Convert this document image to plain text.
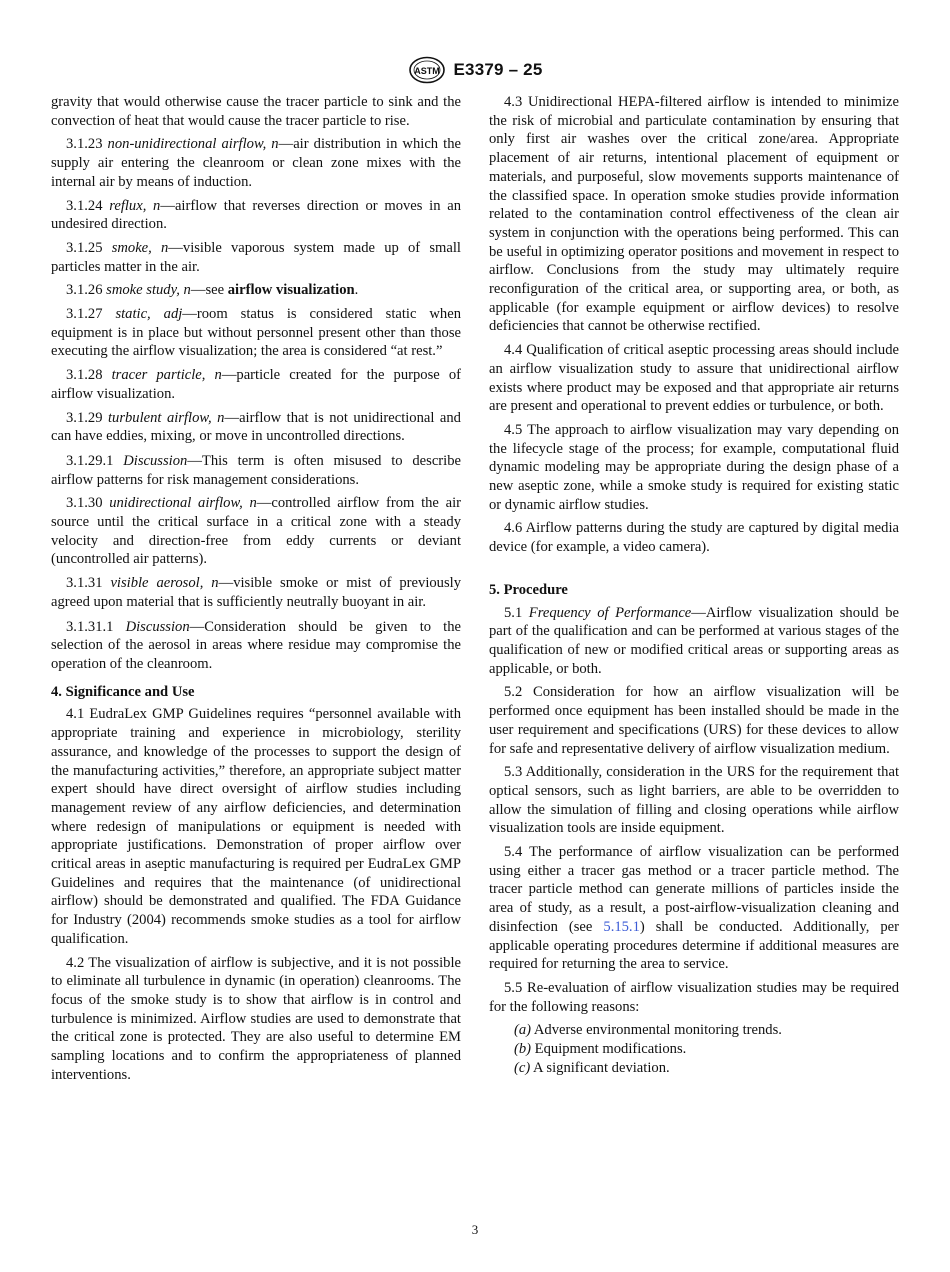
ASTM E3379 – 25

gravity that would otherwise cause the tracer particle to sink and the convection of heat that would cause the tracer particle to rise.

3.1.23 non-unidirectional airflow, n—air distribution in which the supply air entering the cleanroom or clean zone mixes with the internal air by means of induction.

3.1.24 reflux, n—airflow that reverses direction or moves in an undesired direction.

3.1.25 smoke, n—visible vaporous system made up of small particles matter in the air.

3.1.26 smoke study, n—see airflow visualization.

3.1.27 static, adj—room status is considered static when equipment is in place but without personnel present other than those executing the airflow visualization; the area is considered “at rest.”

3.1.28 tracer particle, n—particle created for the purpose of airflow visualization.

3.1.29 turbulent airflow, n—airflow that is not unidirectional and can have eddies, mixing, or move in uncontrolled directions.

3.1.29.1 Discussion—This term is often misused to describe airflow patterns for risk management considerations.

3.1.30 unidirectional airflow, n—controlled airflow from the air source until the critical surface in a critical zone with a steady velocity and direction-free from eddy currents or deviant (uncontrolled air patterns).

3.1.31 visible aerosol, n—visible smoke or mist of previously agreed upon material that is sufficiently neutrally buoyant in air.

3.1.31.1 Discussion—Consideration should be given to the selection of the aerosol in areas where residue may compromise the operation of the cleanroom.

4. Significance and Use

4.1 EudraLex GMP Guidelines requires “personnel available with appropriate training and experience in microbiology, sterility assurance, and knowledge of the processes to support the design of the manufacturing activities,” therefore, an appropriate subject matter expert should have direct oversight of airflow studies including management review of any airflow deficiencies, and determination where redesign of manipulations or equipment is needed with appropriate justifications. Demonstration of proper airflow over critical areas in aseptic manufacturing is required per EudraLex GMP Guidelines and requires that the maintenance (of unidirectional airflow) should be demonstrated and qualified. The FDA Guidance for Industry (2004) recommends smoke studies as a tool for airflow qualification.

4.2 The visualization of airflow is subjective, and it is not possible to eliminate all turbulence in dynamic (in operation) cleanrooms. The focus of the smoke study is to show that airflow is in control and turbulence is minimized. Airflow studies are used to demonstrate that the critical zone is protected. They are also useful to determine EM sampling locations and to confirm the appropriateness of planned interventions.

4.3 Unidirectional HEPA-filtered airflow is intended to minimize the risk of microbial and particulate contamination by ensuring that only first air washes over the critical zone/area. Appropriate placement of air returns, intentional placement of equipment or materials, and purposeful, slow movements supports maintenance of the classified space. In operation smoke studies provide information related to the contamination control effectiveness of the clean air system in conjunction with the operations being performed. This can be useful in optimizing operator positions and movement in respect to airflow. Conclusions from the study may ultimately require reconfiguration of the critical area, or supporting area, or both, as applicable (for example equipment or airflow devices) to resolve deficiencies that cannot be otherwise rectified.

4.4 Qualification of critical aseptic processing areas should include an airflow visualization study to assure that unidirectional airflow exists where product may be exposed and that appropriate air returns are present and operational to prevent eddies or turbulence, or both.

4.5 The approach to airflow visualization may vary depending on the lifecycle stage of the process; for example, computational fluid dynamic modeling may be appropriate during the design phase of a new aseptic zone, while a smoke study is required for existing static or dynamic airflow studies.

4.6 Airflow patterns during the study are captured by digital media device (for example, a video camera).

5. Procedure

5.1 Frequency of Performance—Airflow visualization should be part of the qualification and can be performed at various stages of the qualification of new or modified critical areas or supporting areas as applicable, or both.

5.2 Consideration for how an airflow visualization will be performed once equipment has been installed should be made in the user requirement and specifications (URS) for these devices to allow for safe and representative delivery of airflow visualization medium.

5.3 Additionally, consideration in the URS for the requirement that optical sensors, such as light barriers, are able to be overridden to allow the simulation of filling and closing operations while airflow visualization tools are inside equipment.

5.4 The performance of airflow visualization can be performed using either a tracer gas method or a tracer particle method. The tracer particle method can generate millions of particles inside the area of study, as a result, a post-airflow-visualization cleaning and disinfection (see 5.15.1) shall be conducted. Additionally, per applicable operating procedures determine if additional measures are required for returning the area to service.

5.5 Re-evaluation of airflow visualization studies may be required for the following reasons:

(a) Adverse environmental monitoring trends.
(b) Equipment modifications.
(c) A significant deviation.
3
